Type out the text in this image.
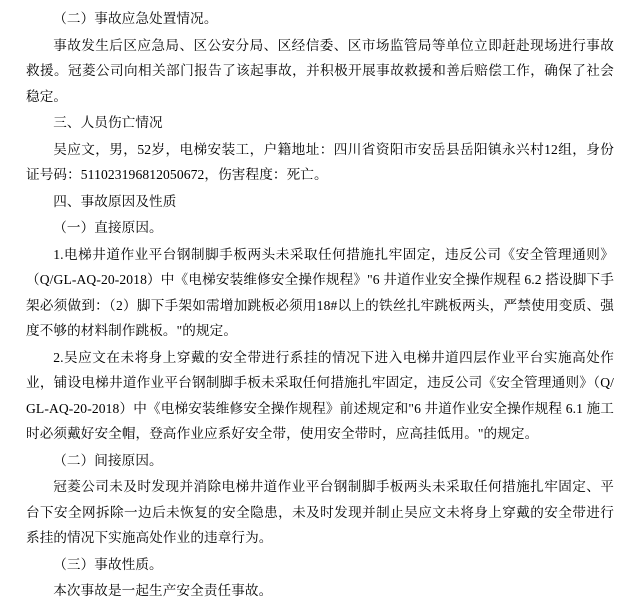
（二）事故应急处置情况。

事故发生后区应急局、区公安分局、区经信委、区市场监管局等单位立即赶赴现场进行事故救援。冠菱公司向相关部门报告了该起事故，并积极开展事故救援和善后赔偿工作，确保了社会稳定。

三、人员伤亡情况

吴应文，男，52岁，电梯安装工，户籍地址：四川省资阳市安岳县岳阳镇永兴村12组，身份证号码：511023196812050672，伤害程度：死亡。

四、事故原因及性质

（一）直接原因。

1.电梯井道作业平台钢制脚手板两头未采取任何措施扎牢固定，违反公司《安全管理通则》（Q/GL-AQ-20-2018）中《电梯安装维修安全操作规程》"6 井道作业安全操作规程 6.2 搭设脚下手架必须做到：（2）脚下手架如需增加跳板必须用18#以上的铁丝扎牢跳板两头，严禁使用变质、强度不够的材料制作跳板。"的规定。

2.吴应文在未将身上穿戴的安全带进行系挂的情况下进入电梯井道四层作业平台实施高处作业，铺设电梯井道作业平台钢制脚手板未采取任何措施扎牢固定，违反公司《安全管理通则》（Q/GL-AQ-20-2018）中《电梯安装维修安全操作规程》前述规定和"6 井道作业安全操作规程 6.1 施工时必须戴好安全帽，登高作业应系好安全带，使用安全带时，应高挂低用。"的规定。

（二）间接原因。

冠菱公司未及时发现并消除电梯井道作业平台钢制脚手板两头未采取任何措施扎牢固定、平台下安全网拆除一边后未恢复的安全隐患，未及时发现并制止吴应文未将身上穿戴的安全带进行系挂的情况下实施高处作业的违章行为。

（三）事故性质。

本次事故是一起生产安全责任事故。
